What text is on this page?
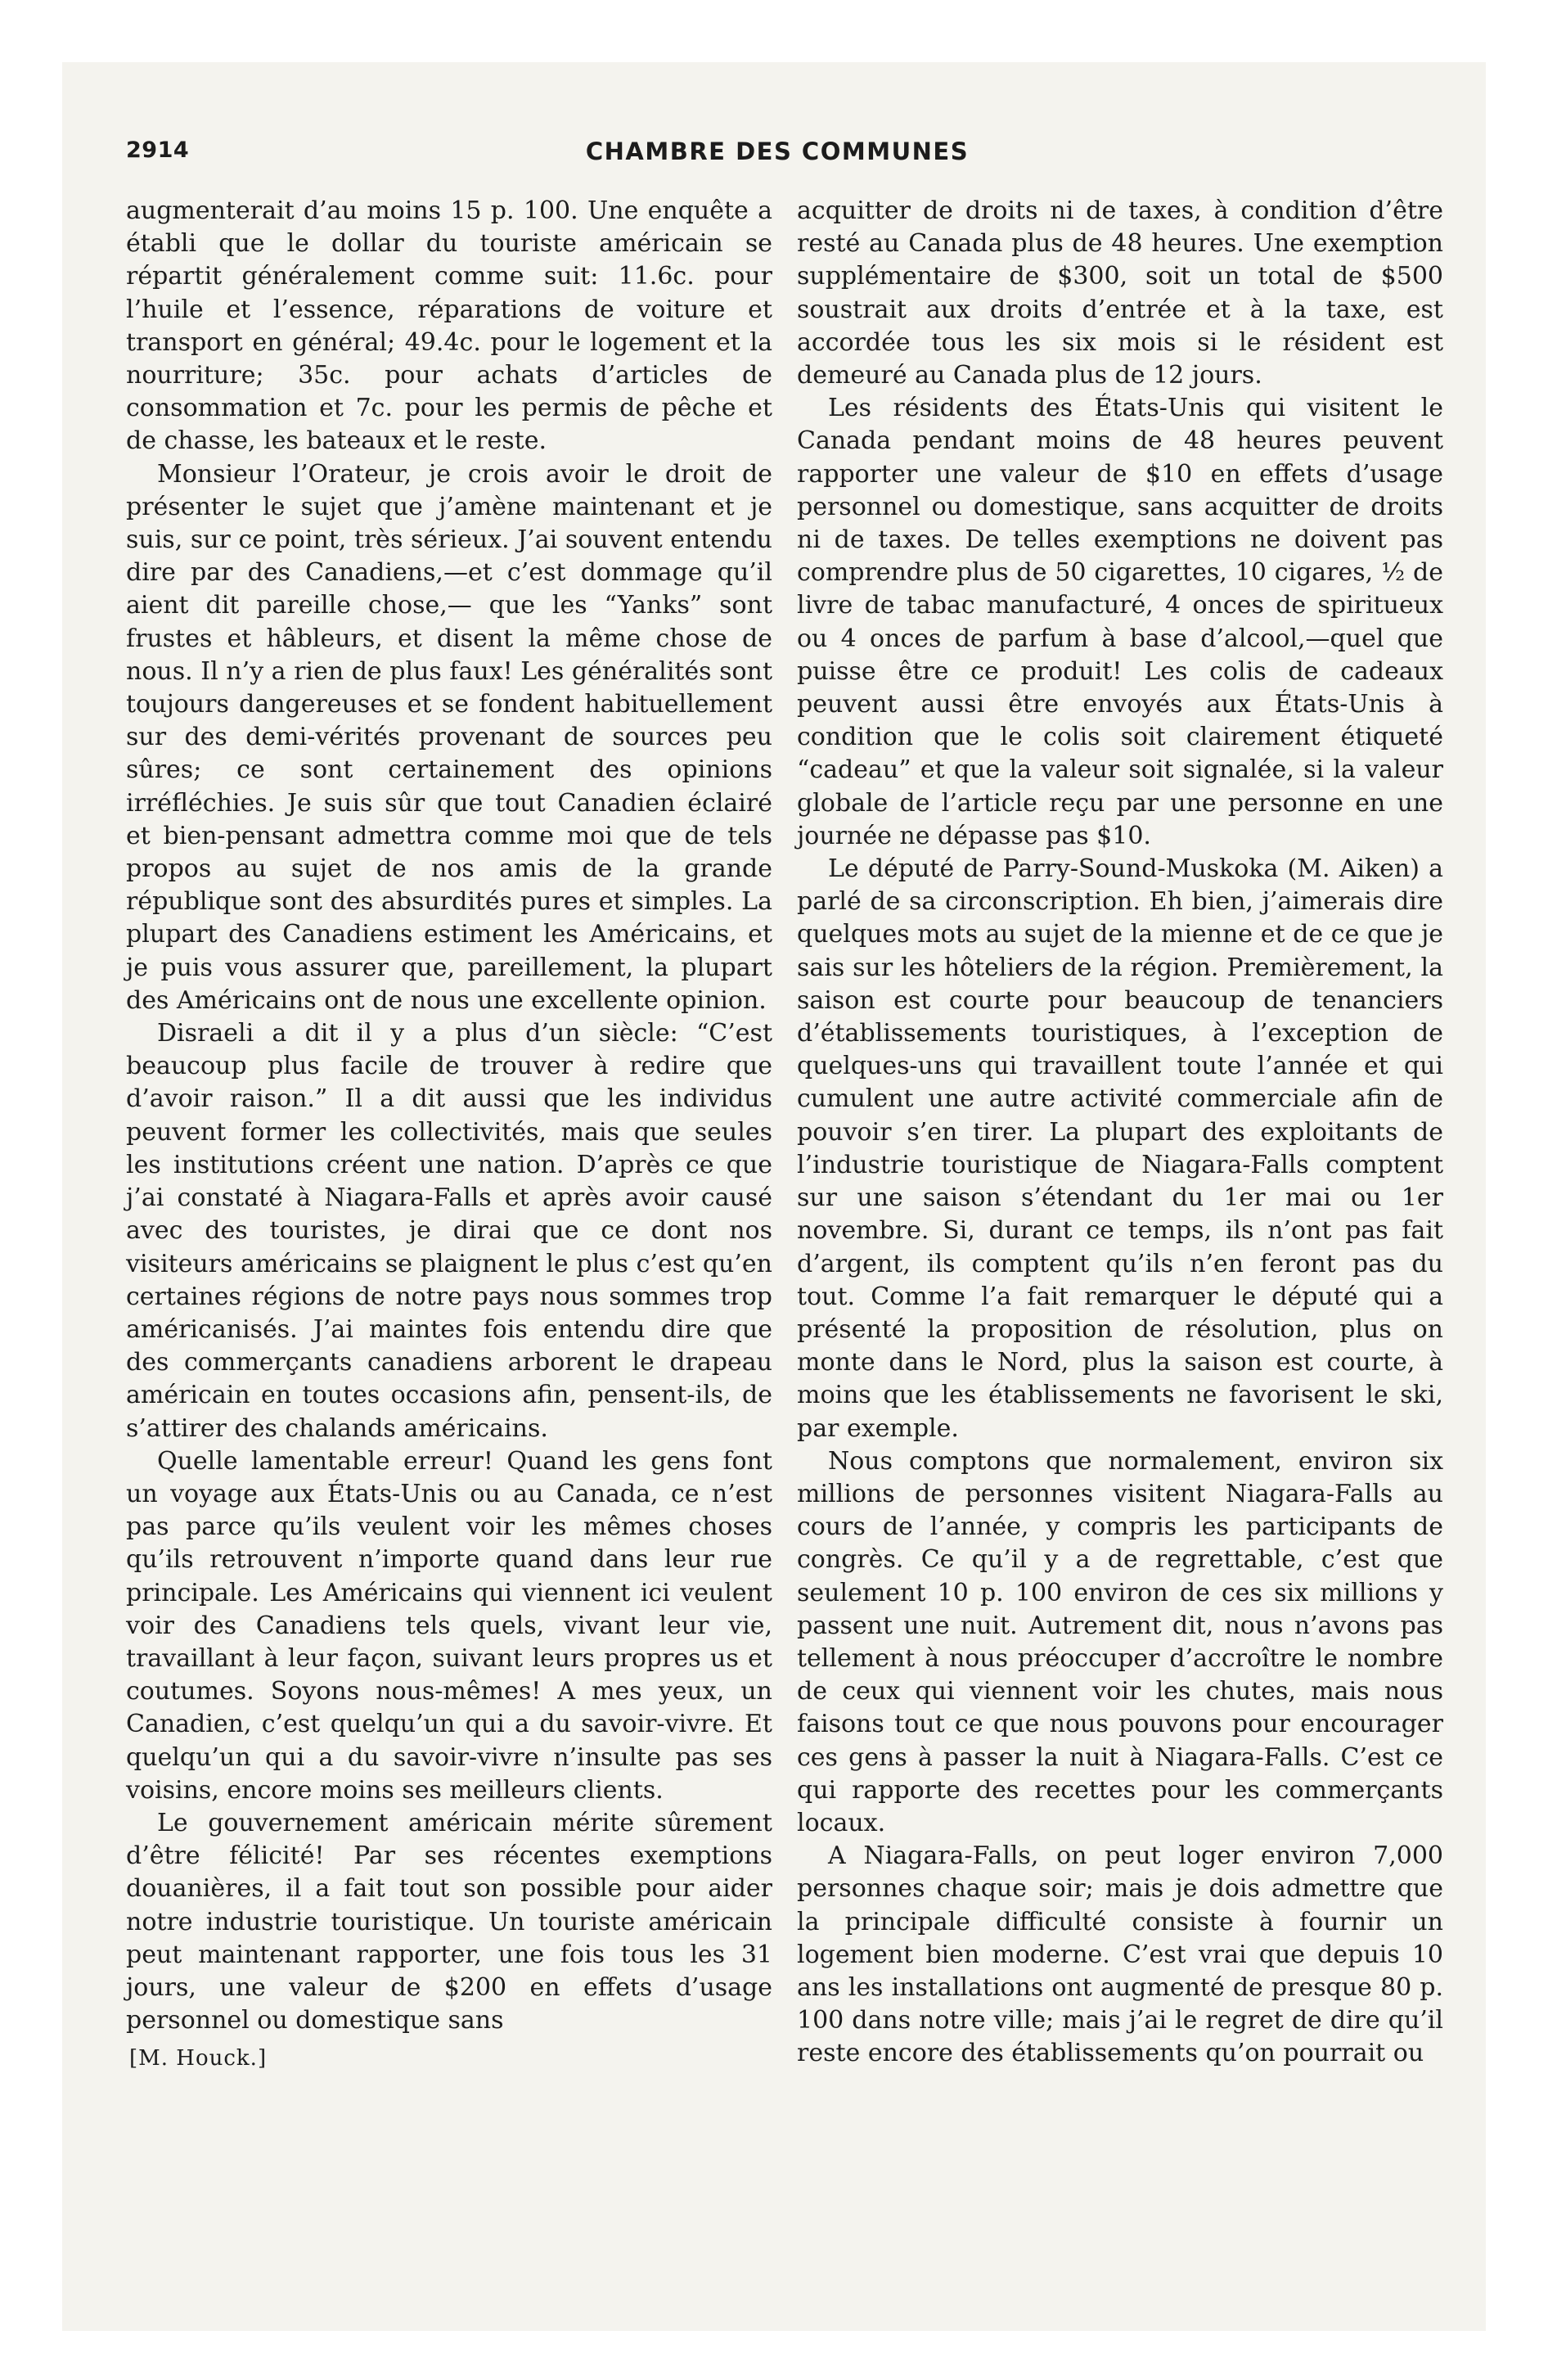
2914	CHAMBRE DES COMMUNES

augmenterait d’au moins 15 p. 100. Une enquête a établi que le dollar du touriste américain se répartit généralement comme suit: 11.6c. pour l’huile et l’essence, réparations de voiture et transport en général; 49.4c. pour le logement et la nourriture; 35c. pour achats d’articles de consommation et 7c. pour les permis de pêche et de chasse, les bateaux et le reste.

Monsieur l’Orateur, je crois avoir le droit de présenter le sujet que j’amène maintenant et je suis, sur ce point, très sérieux. J’ai souvent entendu dire par des Canadiens,—et c’est dommage qu’il aient dit pareille chose,— que les “Yanks” sont frustes et hâbleurs, et disent la même chose de nous. Il n’y a rien de plus faux! Les généralités sont toujours dangereuses et se fondent habituellement sur des demi-vérités provenant de sources peu sûres; ce sont certainement des opinions irréfléchies. Je suis sûr que tout Canadien éclairé et bien-pensant admettra comme moi que de tels propos au sujet de nos amis de la grande république sont des absurdités pures et simples. La plupart des Canadiens estiment les Américains, et je puis vous assurer que, pareillement, la plupart des Américains ont de nous une excellente opinion.

Disraeli a dit il y a plus d’un siècle: “C’est beaucoup plus facile de trouver à redire que d’avoir raison.” Il a dit aussi que les individus peuvent former les collectivités, mais que seules les institutions créent une nation. D’après ce que j’ai constaté à Niagara-Falls et après avoir causé avec des touristes, je dirai que ce dont nos visiteurs américains se plaignent le plus c’est qu’en certaines régions de notre pays nous sommes trop américanisés. J’ai maintes fois entendu dire que des commerçants canadiens arborent le drapeau américain en toutes occasions afin, pensent-ils, de s’attirer des chalands américains.

Quelle lamentable erreur! Quand les gens font un voyage aux États-Unis ou au Canada, ce n’est pas parce qu’ils veulent voir les mêmes choses qu’ils retrouvent n’importe quand dans leur rue principale. Les Américains qui viennent ici veulent voir des Canadiens tels quels, vivant leur vie, travaillant à leur façon, suivant leurs propres us et coutumes. Soyons nous-mêmes! A mes yeux, un Canadien, c’est quelqu’un qui a du savoir-vivre. Et quelqu’un qui a du savoir-vivre n’insulte pas ses voisins, encore moins ses meilleurs clients.

Le gouvernement américain mérite sûrement d’être félicité! Par ses récentes exemptions douanières, il a fait tout son possible pour aider notre industrie touristique. Un touriste américain peut maintenant rapporter, une fois tous les 31 jours, une valeur de $200 en effets d’usage personnel ou domestique sans

[M. Houck.]

acquitter de droits ni de taxes, à condition d’être resté au Canada plus de 48 heures. Une exemption supplémentaire de $300, soit un total de $500 soustrait aux droits d’entrée et à la taxe, est accordée tous les six mois si le résident est demeuré au Canada plus de 12 jours.

Les résidents des États-Unis qui visitent le Canada pendant moins de 48 heures peuvent rapporter une valeur de $10 en effets d’usage personnel ou domestique, sans acquitter de droits ni de taxes. De telles exemptions ne doivent pas comprendre plus de 50 cigarettes, 10 cigares, ½ de livre de tabac manufacturé, 4 onces de spiritueux ou 4 onces de parfum à base d’alcool,—quel que puisse être ce produit! Les colis de cadeaux peuvent aussi être envoyés aux États-Unis à condition que le colis soit clairement étiqueté “cadeau” et que la valeur soit signalée, si la valeur globale de l’article reçu par une personne en une journée ne dépasse pas $10.

Le député de Parry-Sound-Muskoka (M. Aiken) a parlé de sa circonscription. Eh bien, j’aimerais dire quelques mots au sujet de la mienne et de ce que je sais sur les hôteliers de la région. Premièrement, la saison est courte pour beaucoup de tenanciers d’établissements touristiques, à l’exception de quelques-uns qui travaillent toute l’année et qui cumulent une autre activité commerciale afin de pouvoir s’en tirer. La plupart des exploitants de l’industrie touristique de Niagara-Falls comptent sur une saison s’étendant du 1er mai ou 1er novembre. Si, durant ce temps, ils n’ont pas fait d’argent, ils comptent qu’ils n’en feront pas du tout. Comme l’a fait remarquer le député qui a présenté la proposition de résolution, plus on monte dans le Nord, plus la saison est courte, à moins que les établissements ne favorisent le ski, par exemple.

Nous comptons que normalement, environ six millions de personnes visitent Niagara-Falls au cours de l’année, y compris les participants de congrès. Ce qu’il y a de regrettable, c’est que seulement 10 p. 100 environ de ces six millions y passent une nuit. Autrement dit, nous n’avons pas tellement à nous préoccuper d’accroître le nombre de ceux qui viennent voir les chutes, mais nous faisons tout ce que nous pouvons pour encourager ces gens à passer la nuit à Niagara-Falls. C’est ce qui rapporte des recettes pour les commerçants locaux.

A Niagara-Falls, on peut loger environ 7,000 personnes chaque soir; mais je dois admettre que la principale difficulté consiste à fournir un logement bien moderne. C’est vrai que depuis 10 ans les installations ont augmenté de presque 80 p. 100 dans notre ville; mais j’ai le regret de dire qu’il reste encore des établissements qu’on pourrait ou
